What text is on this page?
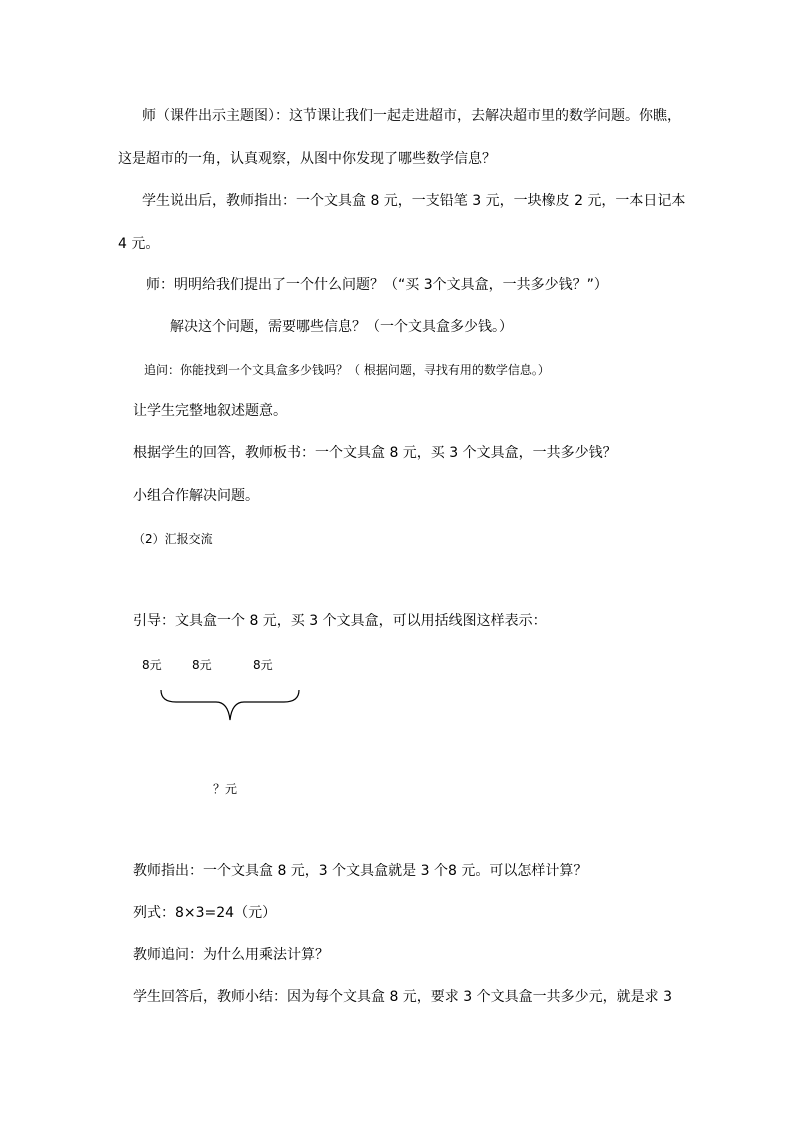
师（课件出示主题图）：这节课让我们一起走进超市，去解决超市里的数学问题。你瞧，
这是超市的一角，认真观察，从图中你发现了哪些数学信息？
学生说出后，教师指出：一个文具盒 8 元，一支铅笔 3 元，一块橡皮 2 元，一本日记本
4 元。
师：明明给我们提出了一个什么问题？（“买 3个文具盒，一共多少钱？”）
解决这个问题，需要哪些信息？（一个文具盒多少钱。）
追问：你能找到一个文具盒多少钱吗？（ 根据问题，寻找有用的数学信息。）
让学生完整地叙述题意。
根据学生的回答，教师板书：一个文具盒 8 元，买 3 个文具盒，一共多少钱？
小组合作解决问题。
（2）汇报交流
引导：文具盒一个 8 元，买 3 个文具盒，可以用括线图这样表示：
8元	8元	8元
？元
教师指出：一个文具盒 8 元，3 个文具盒就是 3 个8 元。可以怎样计算？
列式：8×3=24（元）
教师追问：为什么用乘法计算？
学生回答后，教师小结：因为每个文具盒 8 元，要求 3 个文具盒一共多少元，就是求 3
